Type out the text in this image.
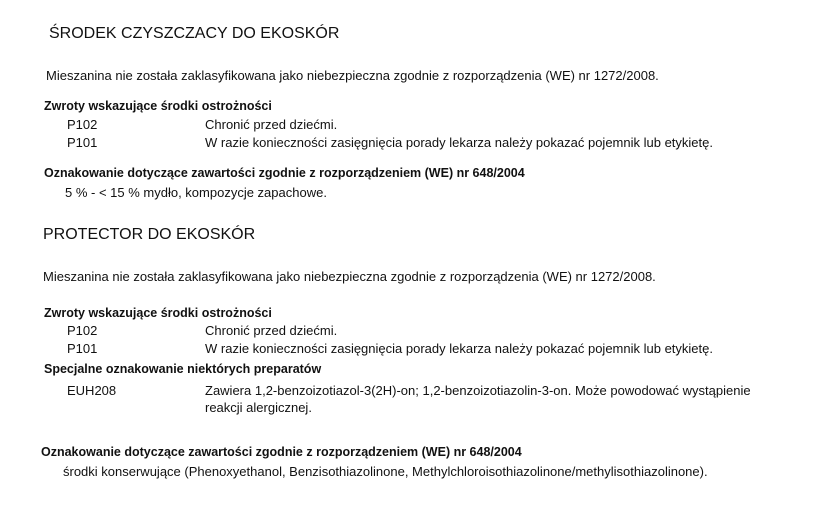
ŚRODEK CZYSZCZACY DO EKOSKÓR
Mieszanina nie została zaklasyfikowana jako niebezpieczna zgodnie z rozporządzenia (WE) nr 1272/2008.
Zwroty wskazujące środki ostrożności
P102	Chronić przed dziećmi.
P101	W razie konieczności zasięgnięcia porady lekarza należy pokazać pojemnik lub etykietę.
Oznakowanie dotyczące zawartości zgodnie z rozporządzeniem (WE) nr 648/2004
5 % - < 15 % mydło, kompozycje zapachowe.
PROTECTOR DO EKOSKÓR
Mieszanina nie została zaklasyfikowana jako niebezpieczna zgodnie z rozporządzenia (WE) nr 1272/2008.
Zwroty wskazujące środki ostrożności
P102	Chronić przed dziećmi.
P101	W razie konieczności zasięgnięcia porady lekarza należy pokazać pojemnik lub etykietę.
Specjalne oznakowanie niektórych preparatów
EUH208	Zawiera 1,2-benzoizotiazol-3(2H)-on; 1,2-benzoizotiazolin-3-on. Może powodować wystąpienie reakcji alergicznej.
Oznakowanie dotyczące zawartości zgodnie z rozporządzeniem (WE) nr 648/2004
środki konserwujące (Phenoxyethanol, Benzisothiazolinone, Methylchloroisothiazolinone/methylisothiazolinone).
